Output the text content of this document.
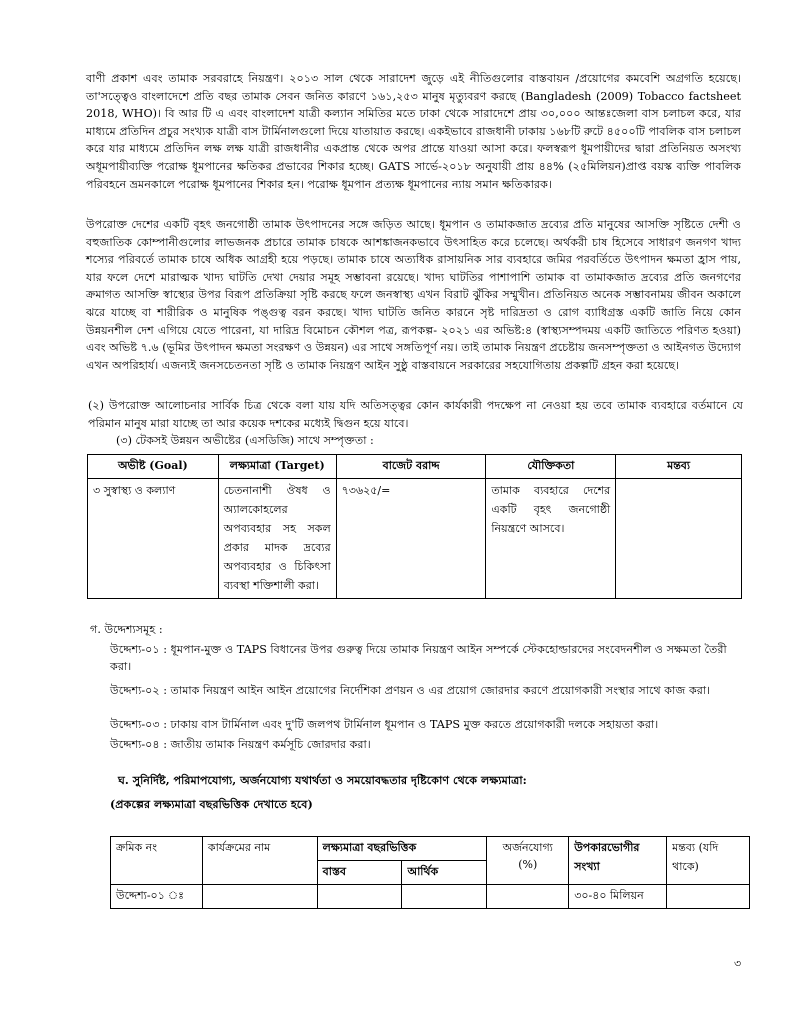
বাণী প্রকাশ এবং তামাক সরবরাহে নিয়ন্ত্রণ। ২০১৩ সাল থেকে সারাদেশ জুড়ে এই নীতিগুলোর বাস্তবায়ন /প্রয়োগের কমবেশি অগ্রগতি হয়েছে। তা'সত্ত্বেও বাংলাদেশে প্রতি বছর তামাক সেবন জনিত কারণে ১৬১,২৫৩ মানুষ মৃত্যুবরণ করছে (Bangladesh (2009) Tobacco factsheet 2018, WHO)। বি আর টি এ এবং বাংলাদেশ যাত্রী কল্যান সমিতির মতে ঢাকা থেকে সারাদেশে প্রায় ৩০,০০০ আন্তঃজেলা বাস চলাচল করে, যার মাধ্যমে প্রতিদিন প্রচুর সংখ্যক যাত্রী বাস টার্মিনালগুলো দিয়ে যাতায়াত করছে। একইভাবে রাজধানী ঢাকায় ১৬৮টি রুটে ৪৫০০টি পাবলিক বাস চলাচল করে যার মাধ্যমে প্রতিদিন লক্ষ লক্ষ যাত্রী রাজধানীর একপ্রান্ত থেকে অপর প্রান্তে যাওয়া আসা করে। ফলস্বরূপ ধূমপায়ীদের দ্বারা প্রতিনিয়ত অসংখ্য অধূমপায়ীব্যক্তি পরোক্ষ ধূমপানের ক্ষতিকর প্রভাবের শিকার হচ্ছে। GATS সার্ভে-২০১৮ অনুযায়ী প্রায় ৪৪% (২৫মিলিয়ন)প্রাপ্ত বয়স্ক ব্যক্তি পাবলিক পরিবহনে ভ্রমনকালে পরোক্ষ ধূমপানের শিকার হন। পরোক্ষ ধূমপান প্রত্যক্ষ ধূমপানের ন্যায় সমান ক্ষতিকারক।

উপরোক্ত দেশের একটি বৃহৎ জনগোষ্ঠী তামাক উৎপাদনের সঙ্গে জড়িত আছে। ধূমপান ও তামাকজাত দ্রব্যের প্রতি মানুষের আসক্তি সৃষ্টিতে দেশী ও বহুজাতিক কোম্পানীগুলোর লাভজনক প্রচারে তামাক চাষকে আশঙ্কাজনকভাবে উৎসাহিত করে চলেছে। অর্থকরী চাষ হিসেবে সাধারণ জনগণ খাদ্য শস্যের পরিবর্তে তামাক চাষে অধিক আগ্রহী হয়ে পড়ছে। তামাক চাষে অত্যধিক রাসায়নিক সার ব্যবহারে জমির পরবর্তিতে উৎপাদন ক্ষমতা হ্রাস পায়, যার ফলে দেশে মারাত্মক খাদ্য ঘাটতি দেখা দেয়ার সমূহ সম্ভাবনা রয়েছে। খাদ্য ঘাটতির পাশাপাশি তামাক বা তামাকজাত দ্রব্যের প্রতি জনগণের ক্রমাগত আসক্তি স্বাস্থ্যের উপর বিরূপ প্রতিক্রিয়া সৃষ্টি করছে ফলে জনস্বাস্থ্য এখন বিরাট ঝুঁকির সম্মুখীন। প্রতিনিয়ত অনেক সম্ভাবনাময় জীবন অকালে ঝরে যাচ্ছে বা শারীরিক ও মানুষিক পঙ্গুত্ব বরন করছে। খাদ্য ঘাটতি জনিত কারনে সৃষ্ট দারিদ্রতা ও রোগ ব্যাধিগ্রস্ত একটি জাতি নিয়ে কোন উন্নয়নশীল দেশ এগিয়ে যেতে পারেনা, যা দারিদ্র বিমোচন কৌশল পত্র, রূপকল্প- ২০২১ এর অভিষ্ট:৪ (স্বাস্থ্যসম্পদময় একটি জাতিতে পরিণত হওয়া) এবং অভিষ্ট ৭.৬ (ভূমির উৎপাদন ক্ষমতা সংরক্ষণ ও উন্নয়ন) এর সাথে সঙ্গতিপূর্ণ নয়। তাই তামাক নিয়ন্ত্রণ প্রচেষ্টায় জনসম্পৃক্ততা ও আইনগত উদ্যোগ এখন অপরিহার্য। এজন্যই জনসচেতনতা সৃষ্টি ও তামাক নিয়ন্ত্রণ আইন সুষ্ঠু বাস্তবায়নে সরকারের সহযোগিতায় প্রকল্পটি গ্রহন করা হয়েছে।

(২) উপরোক্ত আলোচনার সার্বিক চিত্র থেকে বলা যায় যদি অতিসত্ত্বর কোন কার্যকারী পদক্ষেপ না নেওয়া হয় তবে তামাক ব্যবহারে বর্তমানে যে পরিমান মানুষ মারা যাচ্ছে তা আর কয়েক দশকের মধ্যেই দ্বিগুন হয়ে যাবে।

(৩) টেকসই উন্নয়ন অভীষ্টের (এসডিজি) সাথে সম্পৃক্ততা :

অভীষ্ট (Goal)	লক্ষ্যমাত্রা (Target)	বাজেট বরাদ্দ	যৌক্তিকতা	মন্তব্য

৩ সুস্বাস্থ্য ও কল্যাণ	চেতনানাশী ঔষধ ও অ্যালকোহলের অপব্যবহার সহ সকল প্রকার মাদক দ্রব্যের অপব্যবহার ও চিকিৎসা ব্যবস্থা শক্তিশালী করা।	৭৩৬২৫/=	তামাক ব্যবহারে দেশের একটি বৃহৎ জনগোষ্ঠী নিয়ন্ত্রণে আসবে।	

গ. উদ্দেশ্যসমূহ :

উদ্দেশ্য-০১ : ধূমপান-মুক্ত ও TAPS বিধানের উপর গুরুত্ব দিয়ে তামাক নিয়ন্ত্রণ আইন সম্পর্কে স্টেকহোল্ডারদের সংবেদনশীল ও সক্ষমতা তৈরী করা।

উদ্দেশ্য-০২ : তামাক নিয়ন্ত্রণ আইন আইন প্রয়োগের নির্দেশিকা প্রণয়ন ও এর প্রয়োগ জোরদার করণে প্রয়োগকারী সংস্থার সাথে কাজ করা।

উদ্দেশ্য-০৩ : ঢাকায় বাস টার্মিনাল এবং দু'টি জলপথ টার্মিনাল ধূমপান ও TAPS মুক্ত করতে প্রয়োগকারী দলকে সহায়তা করা।

উদ্দেশ্য-০৪ : জাতীয় তামাক নিয়ন্ত্রণ কর্মসূচি জোরদার করা।

ঘ. সুনির্দিষ্ট, পরিমাপযোগ্য, অর্জনযোগ্য যথার্থতা ও সময়োবদ্ধতার দৃষ্টিকোণ থেকে লক্ষ্যমাত্রা:

(প্রকল্পের লক্ষ্যমাত্রা বছরভিত্তিক দেখাতে হবে)

ক্রমিক নং	কার্যক্রমের নাম	লক্ষ্যমাত্রা বছরভিত্তিক		অর্জনযোগ্য (%)	উপকারভোগীর সংখ্যা	মন্তব্য (যদি থাকে)
		বাস্তব	আর্থিক			
উদ্দেশ্য-০১ ঃ					৩০-৪০ মিলিয়ন	
৩
